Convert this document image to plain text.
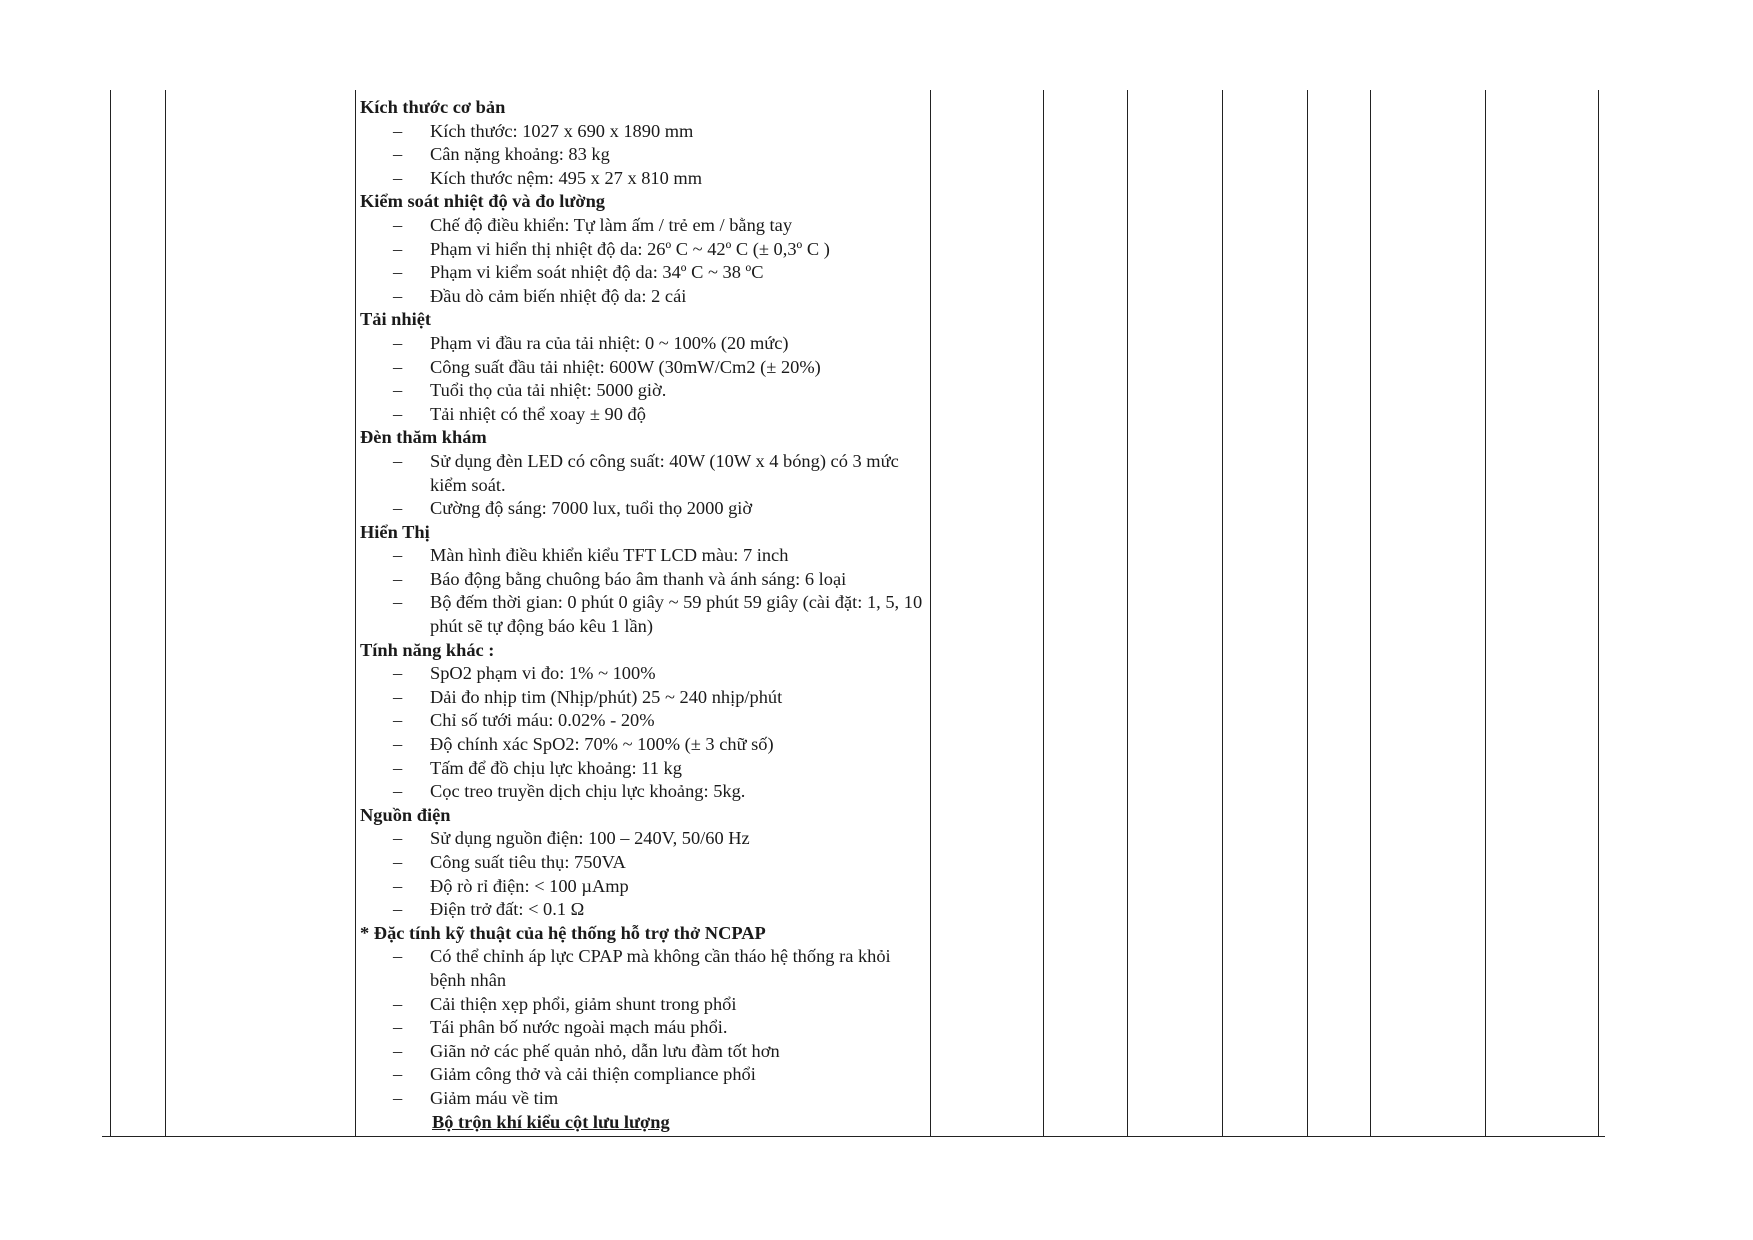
Kích thước cơ bản
– Kích thước: 1027 x 690 x 1890 mm
– Cân nặng khoảng: 83 kg
– Kích thước nệm: 495 x 27 x 810 mm
Kiểm soát nhiệt độ và đo lường
– Chế độ điều khiển: Tự làm ấm / trẻ em / bằng tay
– Phạm vi hiển thị nhiệt độ da: 26º C ~ 42º C (± 0,3º C )
– Phạm vi kiểm soát nhiệt độ da: 34º C ~ 38 ºC
– Đầu dò cảm biến nhiệt độ da: 2 cái
Tải nhiệt
– Phạm vi đầu ra của tải nhiệt: 0 ~ 100% (20 mức)
– Công suất đầu tải nhiệt: 600W (30mW/Cm2 (± 20%)
– Tuổi thọ của tải nhiệt: 5000 giờ.
– Tải nhiệt có thể xoay ± 90 độ
Đèn thăm khám
– Sử dụng đèn LED có công suất: 40W (10W x 4 bóng) có 3 mức kiểm soát.
– Cường độ sáng: 7000 lux, tuổi thọ 2000 giờ
Hiển Thị
– Màn hình điều khiển kiểu TFT LCD màu: 7 inch
– Báo động bằng chuông báo âm thanh và ánh sáng: 6 loại
– Bộ đếm thời gian: 0 phút 0 giây ~ 59 phút 59 giây (cài đặt: 1, 5, 10 phút sẽ tự động báo kêu 1 lần)
Tính năng khác :
– SpO2 phạm vi đo: 1% ~ 100%
– Dải đo nhịp tim (Nhịp/phút) 25 ~ 240 nhịp/phút
– Chỉ số tưới máu: 0.02% - 20%
– Độ chính xác SpO2: 70% ~ 100% (± 3 chữ số)
– Tấm để đồ chịu lực khoảng: 11 kg
– Cọc treo truyền dịch chịu lực khoảng: 5kg.
Nguồn điện
– Sử dụng nguồn điện: 100 – 240V, 50/60 Hz
– Công suất tiêu thụ: 750VA
– Độ rò rỉ điện: < 100 µAmp
– Điện trở đất: < 0.1 Ω
* Đặc tính kỹ thuật của hệ thống hỗ trợ thở NCPAP
– Có thể chỉnh áp lực CPAP mà không cần tháo hệ thống ra khỏi bệnh nhân
– Cải thiện xẹp phổi, giảm shunt trong phổi
– Tái phân bố nước ngoài mạch máu phổi.
– Giãn nở các phế quản nhỏ, dẫn lưu đàm tốt hơn
– Giảm công thở và cải thiện compliance phổi
– Giảm máu về tim
Bộ trộn khí kiểu cột lưu lượng
